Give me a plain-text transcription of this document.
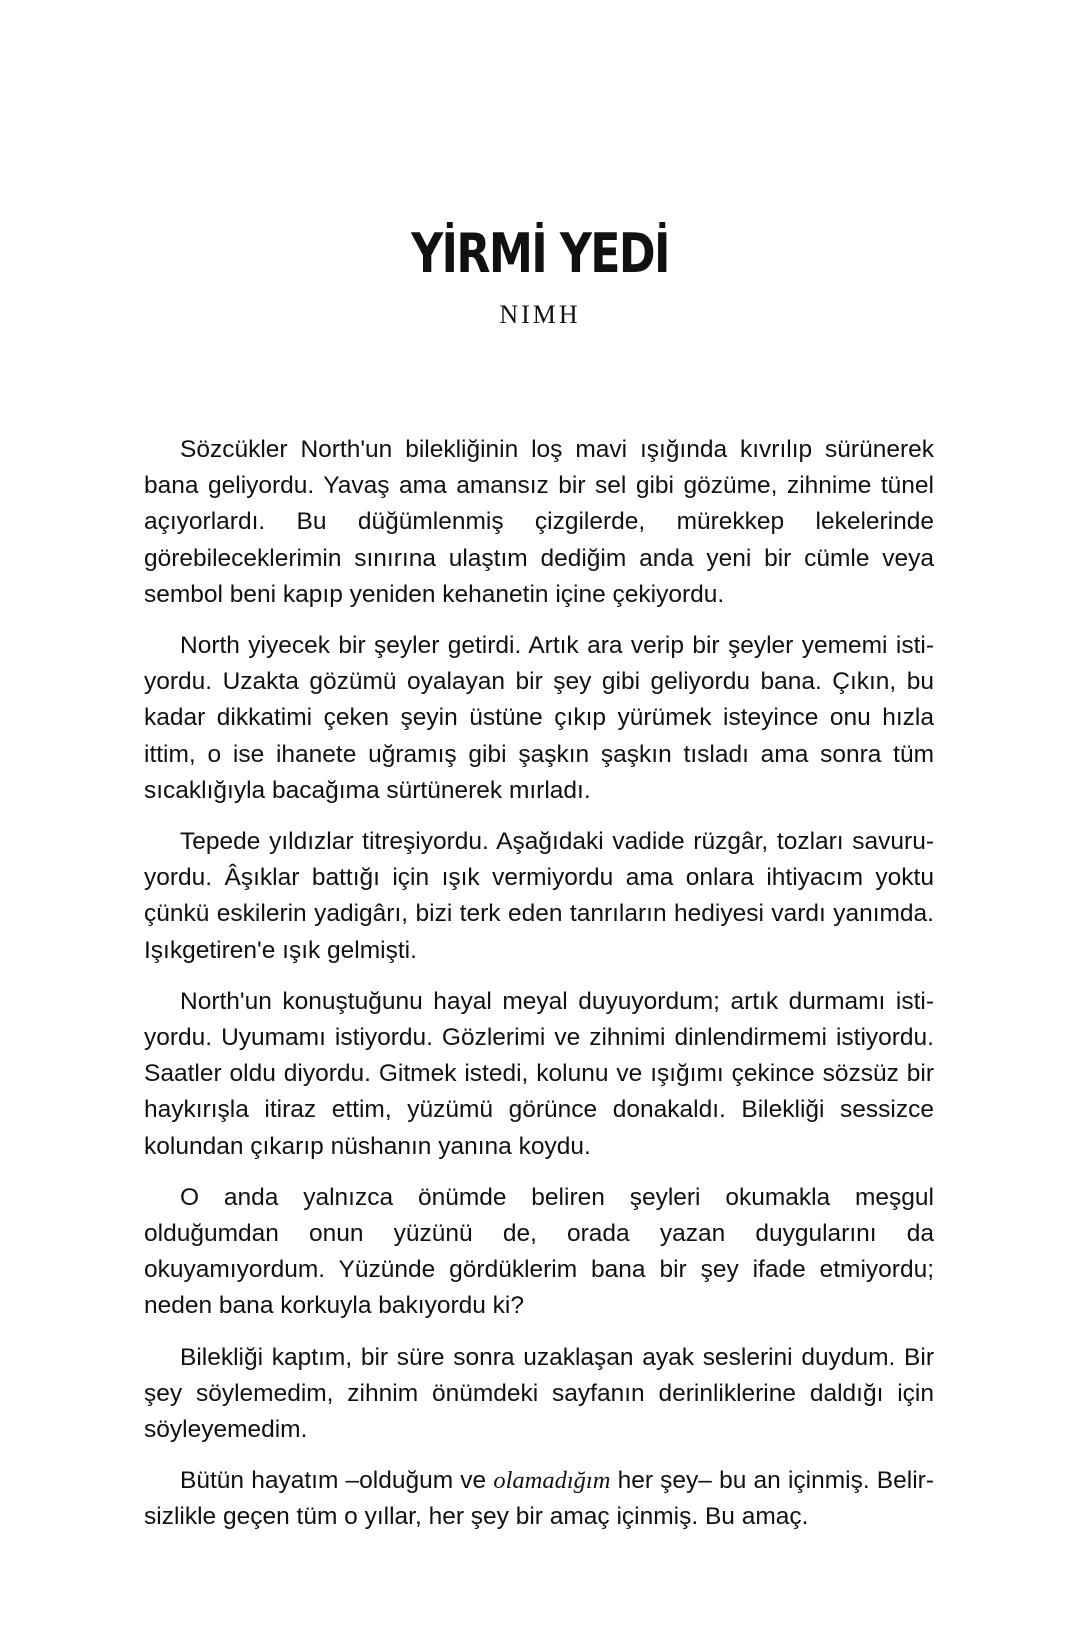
YİRMİ YEDİ
NIMH

Sözcükler North'un bilekliğinin loş mavi ışığında kıvrılıp sürünerek bana geliyordu. Yavaş ama amansız bir sel gibi gözüme, zihnime tünel açıyorlardı. Bu düğümlenmiş çizgilerde, mürekkep lekelerinde görebileceklerimin sınırına ulaştım dediğim anda yeni bir cümle veya sembol beni kapıp yeniden kehanetin içine çekiyordu.

North yiyecek bir şeyler getirdi. Artık ara verip bir şeyler yememi istiyordu. Uzakta gözümü oyalayan bir şey gibi geliyordu bana. Çıkın, bu kadar dikkatimi çeken şeyin üstüne çıkıp yürümek isteyince onu hızla ittim, o ise ihanete uğramış gibi şaşkın şaşkın tısladı ama sonra tüm sıcaklığıyla bacağıma sürtünerek mırladı.

Tepede yıldızlar titreşiyordu. Aşağıdaki vadide rüzgâr, tozları savuruyordu. Âşıklar battığı için ışık vermiyordu ama onlara ihtiyacım yoktu çünkü eskilerin yadigârı, bizi terk eden tanrıların hediyesi vardı yanımda. Işıkgetiren'e ışık gelmişti.

North'un konuştuğunu hayal meyal duyuyordum; artık durmamı istiyordu. Uyumamı istiyordu. Gözlerimi ve zihnimi dinlendirmemi istiyordu. Saatler oldu diyordu. Gitmek istedi, kolunu ve ışığımı çekince sözsüz bir haykırışla itiraz ettim, yüzümü görünce donakaldı. Bilekliği sessizce kolundan çıkarıp nüshanın yanına koydu.

O anda yalnızca önümde beliren şeyleri okumakla meşgul olduğumdan onun yüzünü de, orada yazan duygularını da okuyamıyordum. Yüzünde gördüklerim bana bir şey ifade etmiyordu; neden bana korkuyla bakıyordu ki?

Bilekliği kaptım, bir süre sonra uzaklaşan ayak seslerini duydum. Bir şey söylemedim, zihnim önümdeki sayfanın derinliklerine daldığı için söyleyemedim.

Bütün hayatım –olduğum ve olamadığım her şey– bu an içinmiş. Belirsizlikle geçen tüm o yıllar, her şey bir amaç içinmiş. Bu amaç.
